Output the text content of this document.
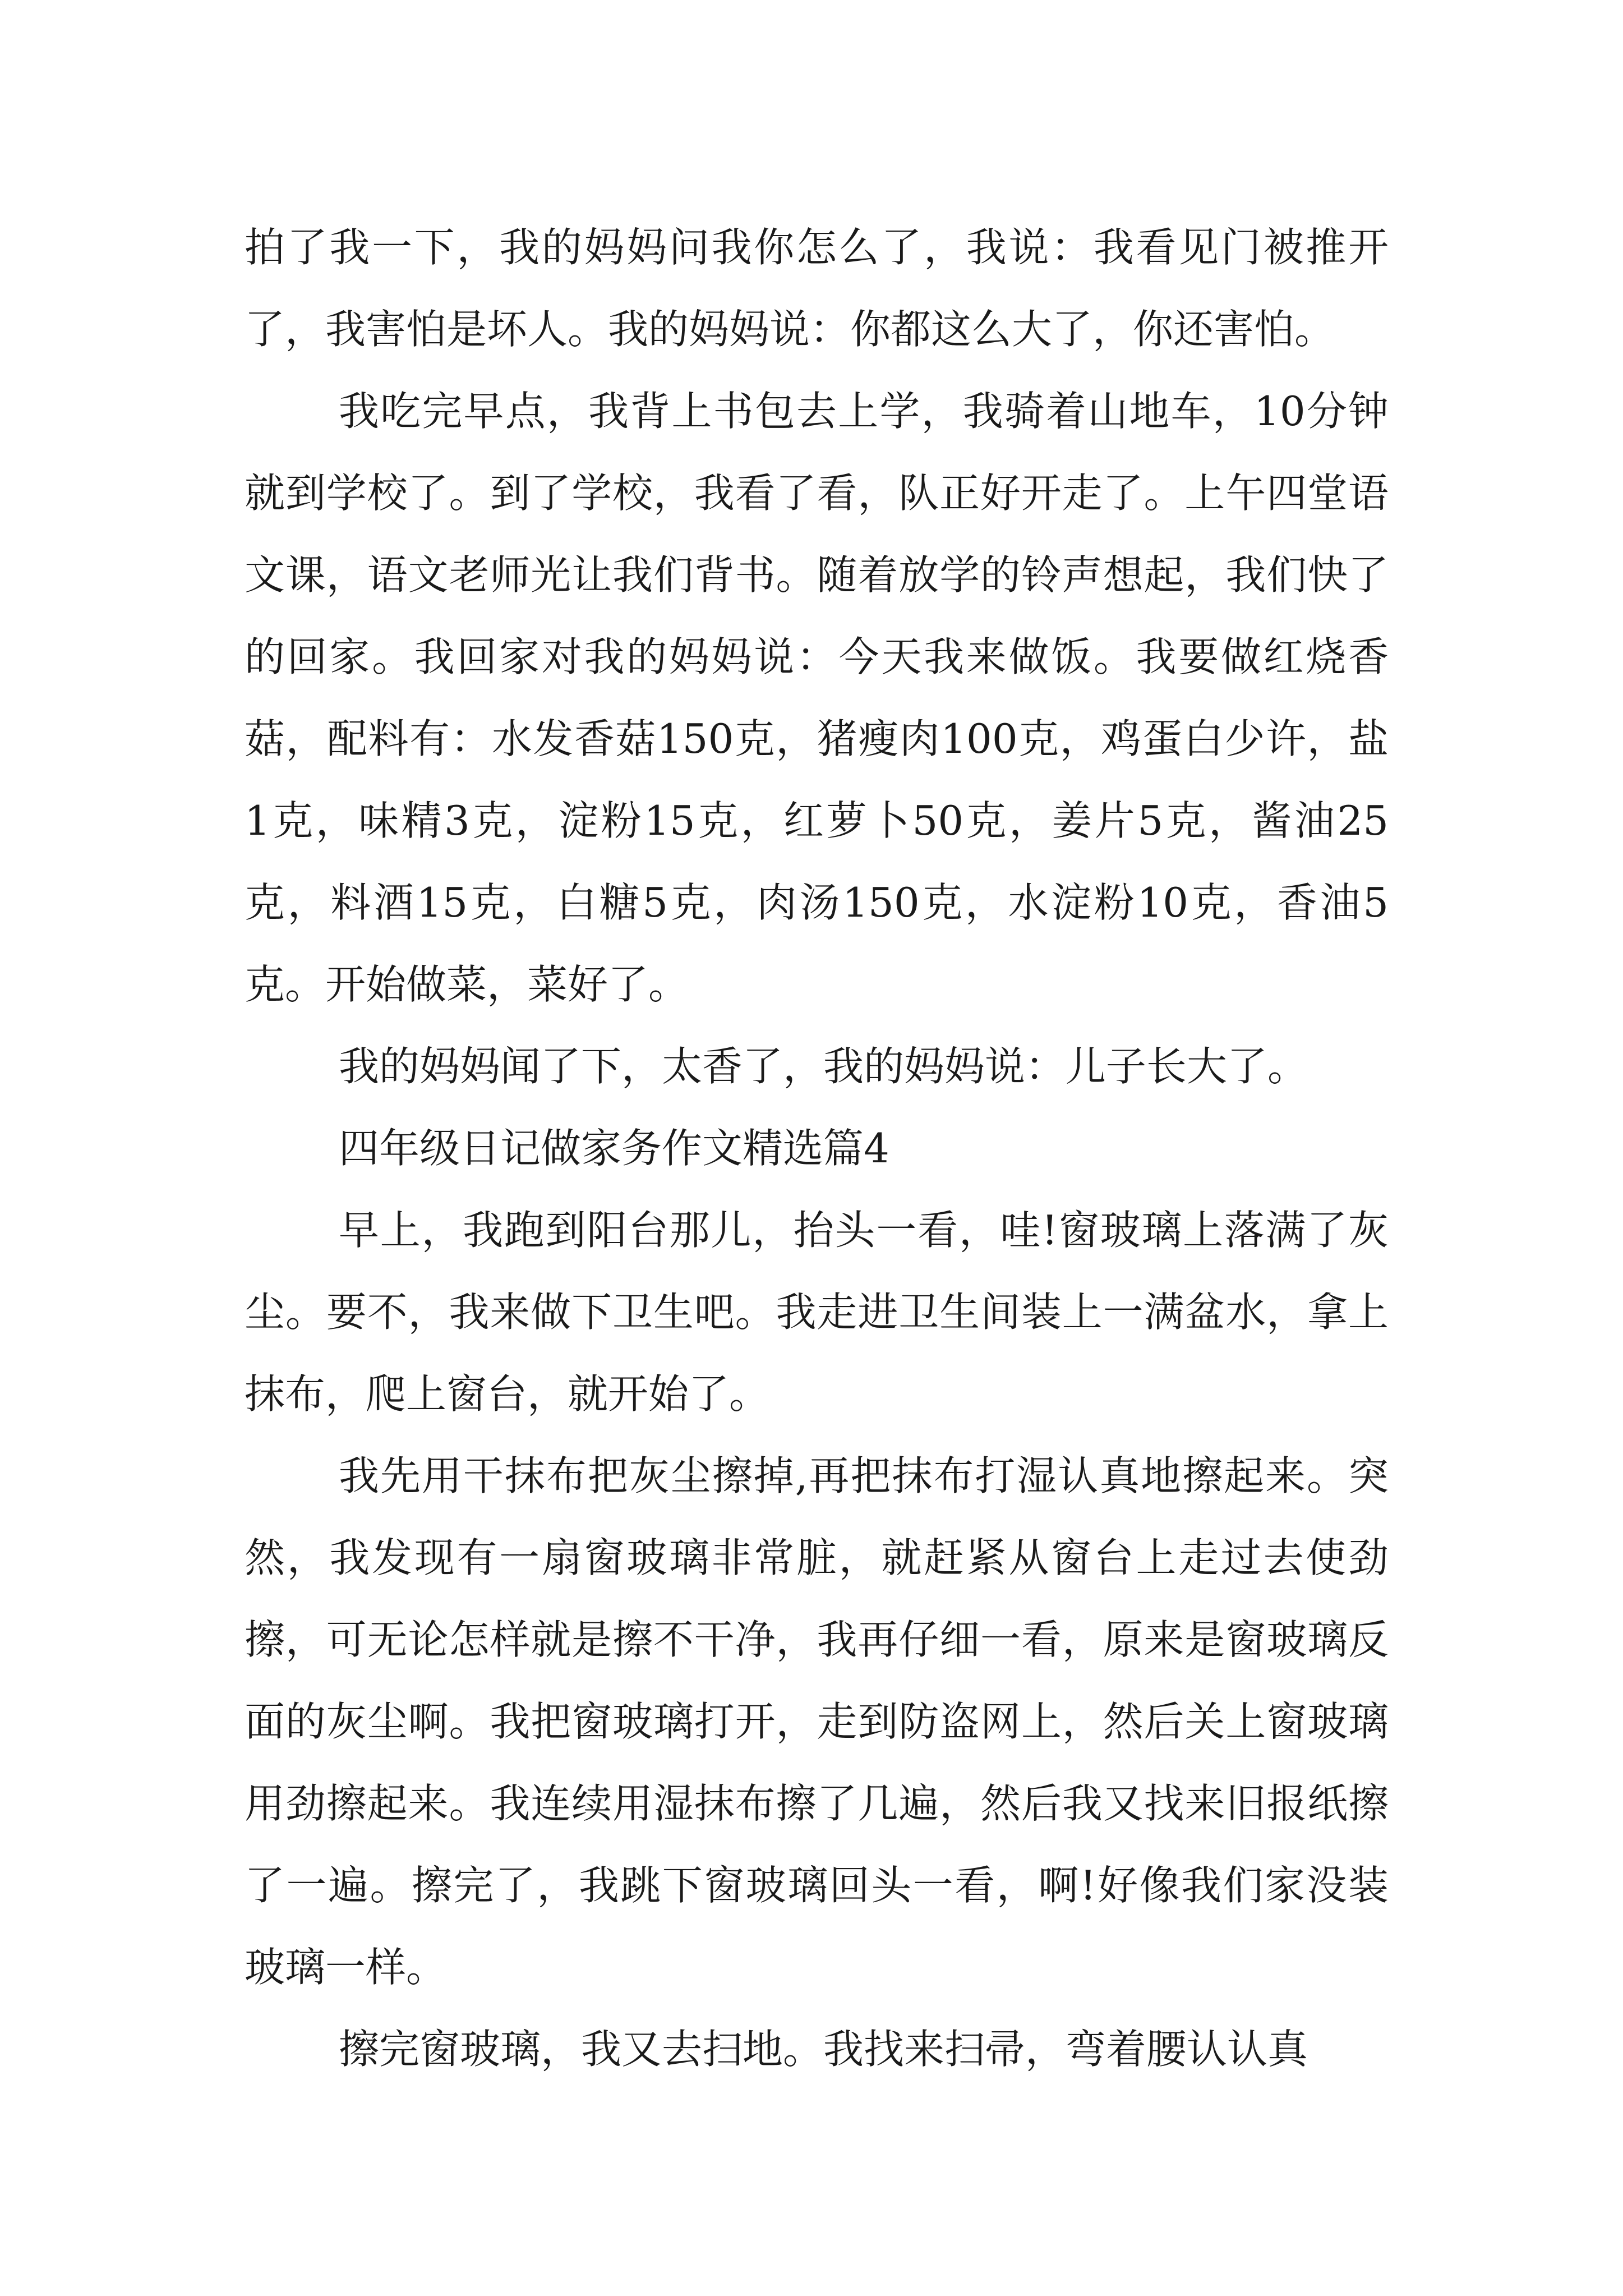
拍了我一下，我的妈妈问我你怎么了，我说：我看见门被推开了，我害怕是坏人。我的妈妈说：你都这么大了，你还害怕。

我吃完早点，我背上书包去上学，我骑着山地车，10分钟就到学校了。到了学校，我看了看，队正好开走了。上午四堂语文课，语文老师光让我们背书。随着放学的铃声想起，我们快了的回家。我回家对我的妈妈说：今天我来做饭。我要做红烧香菇，配料有：水发香菇150克，猪瘦肉100克，鸡蛋白少许，盐1克，味精3克，淀粉15克，红萝卜50克，姜片5克，酱油25克，料酒15克，白糖5克，肉汤150克，水淀粉10克，香油5克。开始做菜，菜好了。

我的妈妈闻了下，太香了，我的妈妈说：儿子长大了。

四年级日记做家务作文精选篇4

早上，我跑到阳台那儿，抬头一看，哇!窗玻璃上落满了灰尘。要不，我来做下卫生吧。我走进卫生间装上一满盆水，拿上抹布，爬上窗台，就开始了。

我先用干抹布把灰尘擦掉,再把抹布打湿认真地擦起来。突然，我发现有一扇窗玻璃非常脏，就赶紧从窗台上走过去使劲擦，可无论怎样就是擦不干净，我再仔细一看，原来是窗玻璃反面的灰尘啊。我把窗玻璃打开，走到防盗网上，然后关上窗玻璃用劲擦起来。我连续用湿抹布擦了几遍，然后我又找来旧报纸擦了一遍。擦完了，我跳下窗玻璃回头一看，啊!好像我们家没装玻璃一样。

擦完窗玻璃，我又去扫地。我找来扫帚，弯着腰认认真
